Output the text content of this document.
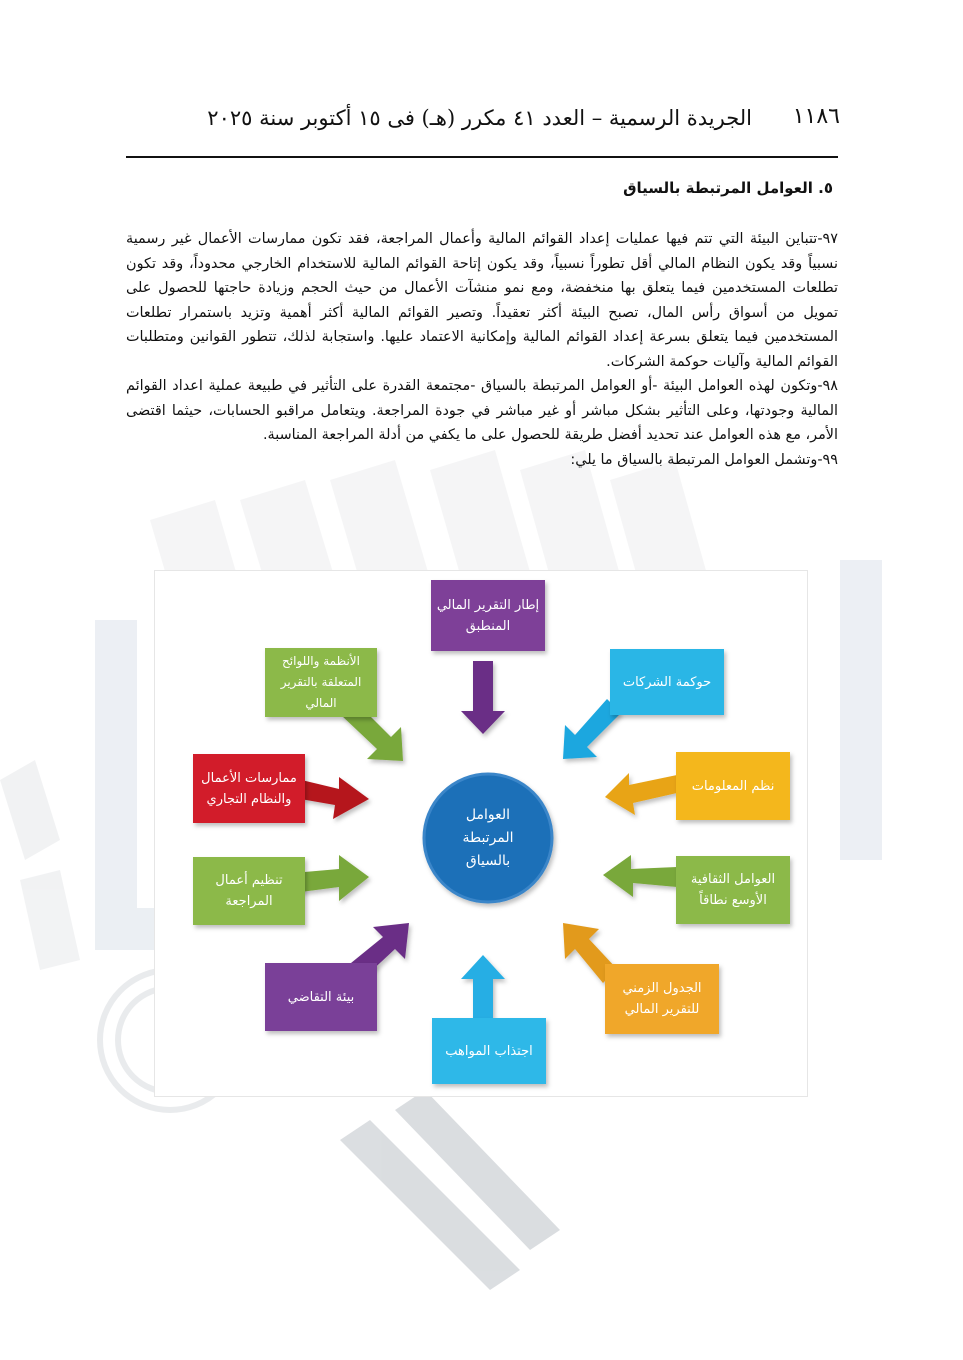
١١٨٦
الجريدة الرسمية – العدد ٤١ مكرر (هـ) فى ١٥ أكتوبر سنة ٢٠٢٥
٥. العوامل المرتبطة بالسياق

٩٧-تتباين البيئة التي تتم فيها عمليات إعداد القوائم المالية وأعمال المراجعة، فقد تكون ممارسات الأعمال غير رسمية نسبياً وقد يكون النظام المالي أقل تطوراً نسبياً، وقد يكون إتاحة القوائم المالية للاستخدام الخارجي محدوداً، وقد تكون تطلعات المستخدمين فيما يتعلق بها منخفضة، ومع نمو منشآت الأعمال من حيث الحجم وزيادة حاجتها للحصول على تمويل من أسواق رأس المال، تصبح البيئة أكثر تعقيداً. وتصير القوائم المالية أكثر أهمية وتزيد باستمرار تطلعات المستخدمين فيما يتعلق بسرعة إعداد القوائم المالية وإمكانية الاعتماد عليها. واستجابة لذلك، تتطور القوانين ومتطلبات القوائم المالية وآليات حوكمة الشركات.

٩٨-وتكون لهذه العوامل البيئة -أو العوامل المرتبطة بالسياق -مجتمعة القدرة على التأثير في طبيعة عملية اعداد القوائم المالية وجودتها، وعلى التأثير بشكل مباشر أو غير مباشر في جودة المراجعة. ويتعامل مراقبو الحسابات، حيثما اقتضى الأمر، مع هذه العوامل عند تحديد أفضل طريقة للحصول على ما يكفي من أدلة المراجعة المناسبة.

٩٩-وتشمل العوامل المرتبطة بالسياق ما يلي:

إطار التقرير المالي
المنطبق
حوكمة الشركات
نظم المعلومات
العوامل الثقافية
الأوسع نطاقاً
الجدول الزمني
للتقرير المالي
اجتذاب المواهب
بيئة التقاضي
تنظيم أعمال
المراجعة
ممارسات الأعمال
والنظام التجاري
الأنظمة واللوائح
المتعلقة بالتقرير المالي
العوامل
المرتبطة
بالسياق
